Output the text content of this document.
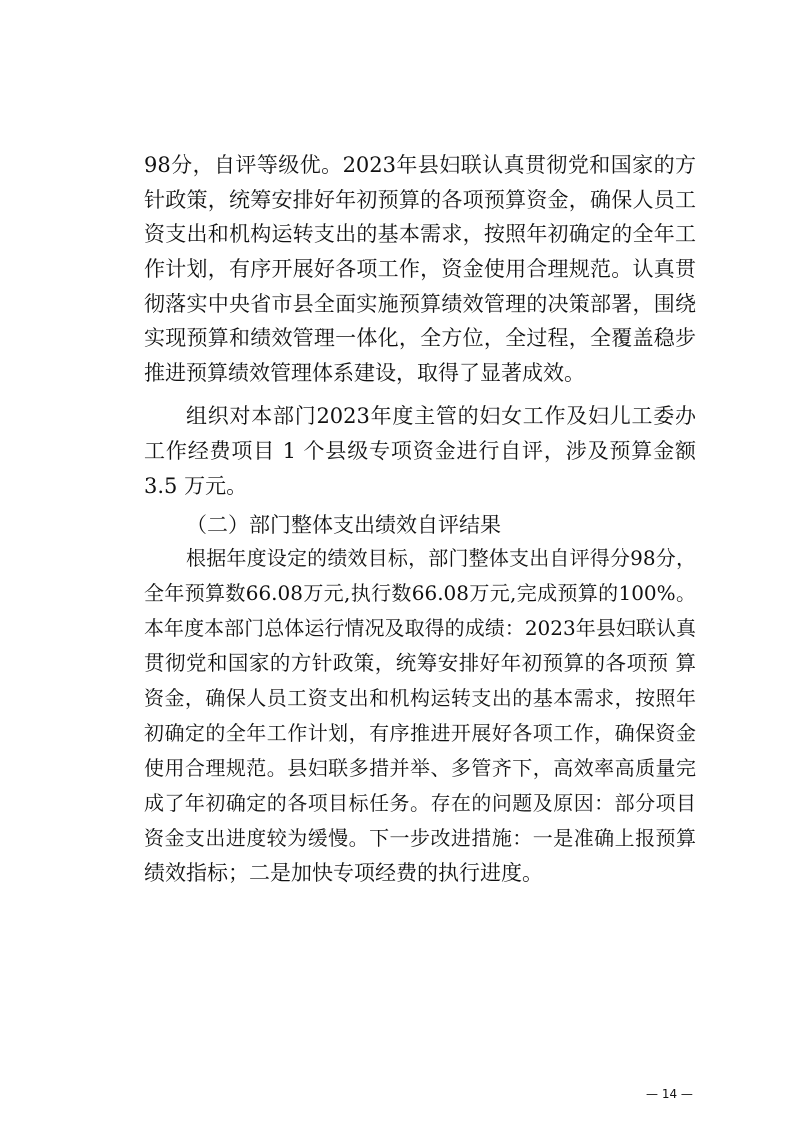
98分，自评等级优。2023年县妇联认真贯彻党和国家的方
针政策，统筹安排好年初预算的各项预算资金，确保人员工
资支出和机构运转支出的基本需求，按照年初确定的全年工
作计划，有序开展好各项工作，资金使用合理规范。认真贯
彻落实中央省市县全面实施预算绩效管理的决策部署，围绕
实现预算和绩效管理一体化，全方位，全过程，全覆盖稳步
推进预算绩效管理体系建设，取得了显著成效。
组织对本部门2023年度主管的妇女工作及妇儿工委办
工作经费项目 1 个县级专项资金进行自评，涉及预算金额
3.5 万元。
（二）部门整体支出绩效自评结果
根据年度设定的绩效目标，部门整体支出自评得分98分，
全年预算数66.08万元,执行数66.08万元,完成预算的100%。
本年度本部门总体运行情况及取得的成绩：2023年县妇联认真
贯彻党和国家的方针政策，统筹安排好年初预算的各项预 算
资金，确保人员工资支出和机构运转支出的基本需求，按照年
初确定的全年工作计划，有序推进开展好各项工作，确保资金
使用合理规范。县妇联多措并举、多管齐下，高效率高质量完
成了年初确定的各项目标任务。存在的问题及原因：部分项目
资金支出进度较为缓慢。下一步改进措施：一是准确上报预算
绩效指标；二是加快专项经费的执行进度。
— 14 —
